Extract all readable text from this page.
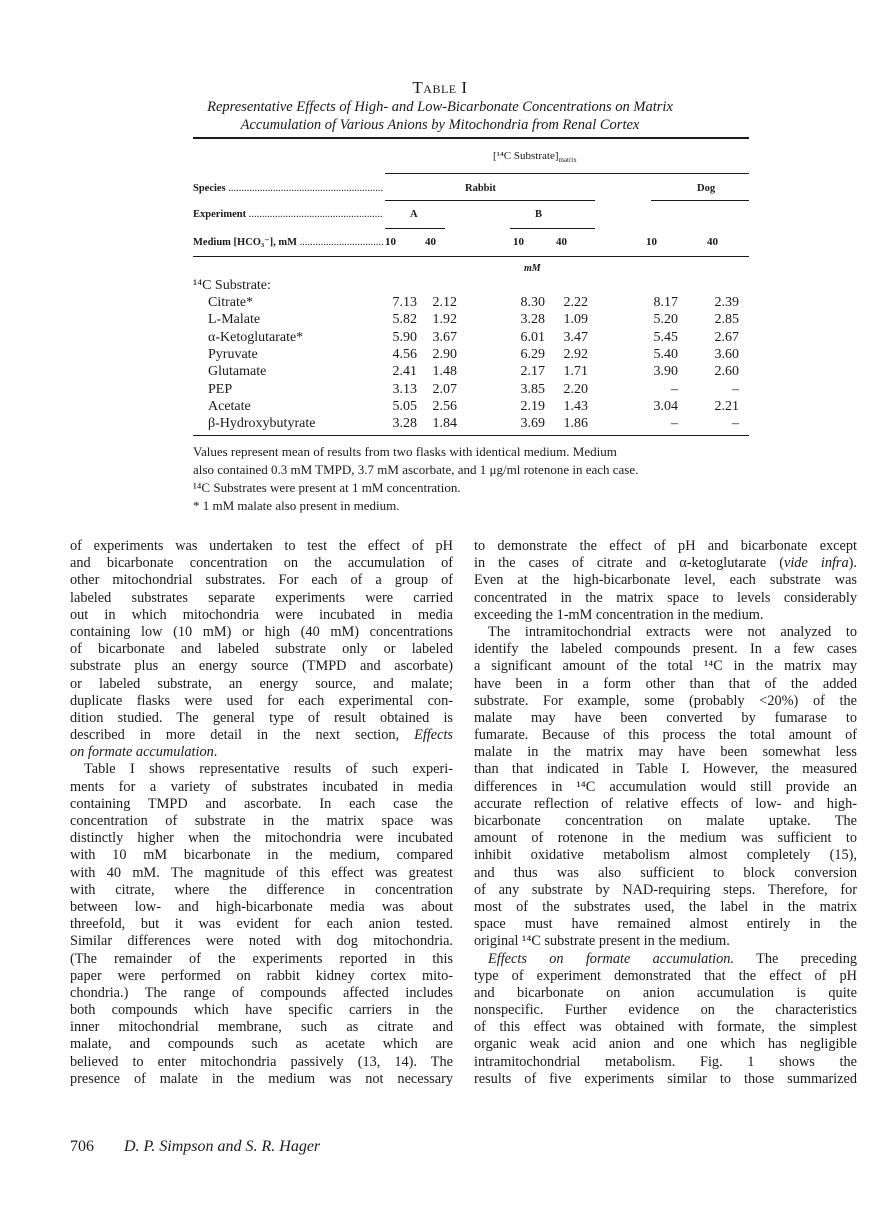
Table I
Representative Effects of High- and Low-Bicarbonate Concentrations on Matrix
Accumulation of Various Anions by Mitochondria from Renal Cortex
[¹⁴C $Substrate]_{matrix}$
Species .....	Rabbit	Dog
Experiment .....	A	B
Medium [HCO₃⁻], mM .....	10	40	10	40	10	40
mM
¹⁴C Substrate:
Citrate*	7.13	2.12	8.30	2.22	8.17	2.39
L-Malate	5.82	1.92	3.28	1.09	5.20	2.85
α-Ketoglutarate*	5.90	3.67	6.01	3.47	5.45	2.67
Pyruvate	4.56	2.90	6.29	2.92	5.40	3.60
Glutamate	2.41	1.48	2.17	1.71	3.90	2.60
PEP	3.13	2.07	3.85	2.20	–	–
Acetate	5.05	2.56	2.19	1.43	3.04	2.21
β-Hydroxybutyrate	3.28	1.84	3.69	1.86	–	–
Values represent mean of results from two flasks with identical medium. Medium
also contained 0.3 mM TMPD, 3.7 mM ascorbate, and 1 μg/ml rotenone in each case.
¹⁴C Substrates were present at 1 mM concentration.
* 1 mM malate also present in medium.
of experiments was undertaken to test the effect of pH
and bicarbonate concentration on the accumulation of
other mitochondrial substrates. For each of a group of
labeled substrates separate experiments were carried
out in which mitochondria were incubated in media
containing low (10 mM) or high (40 mM) concentrations
of bicarbonate and labeled substrate only or labeled
substrate plus an energy source (TMPD and ascorbate)
or labeled substrate, an energy source, and malate;
duplicate flasks were used for each experimental con-
dition studied. The general type of result obtained is
described in more detail in the next section, Effects
on formate accumulation.
Table I shows representative results of such experi-
ments for a variety of substrates incubated in media
containing TMPD and ascorbate. In each case the
concentration of substrate in the matrix space was
distinctly higher when the mitochondria were incubated
with 10 mM bicarbonate in the medium, compared
with 40 mM. The magnitude of this effect was greatest
with citrate, where the difference in concentration
between low- and high-bicarbonate media was about
threefold, but it was evident for each anion tested.
Similar differences were noted with dog mitochondria.
(The remainder of the experiments reported in this
paper were performed on rabbit kidney cortex mito-
chondria.) The range of compounds affected includes
both compounds which have specific carriers in the
inner mitochondrial membrane, such as citrate and
malate, and compounds such as acetate which are
believed to enter mitochondria passively (13, 14). The
presence of malate in the medium was not necessary
to demonstrate the effect of pH and bicarbonate except
in the cases of citrate and α-ketoglutarate (vide infra).
Even at the high-bicarbonate level, each substrate was
concentrated in the matrix space to levels considerably
exceeding the 1-mM concentration in the medium.
The intramitochondrial extracts were not analyzed to
identify the labeled compounds present. In a few cases
a significant amount of the total ¹⁴C in the matrix may
have been in a form other than that of the added
substrate. For example, some (probably <20%) of the
malate may have been converted by fumarase to
fumarate. Because of this process the total amount of
malate in the matrix may have been somewhat less
than that indicated in Table I. However, the measured
differences in ¹⁴C accumulation would still provide an
accurate reflection of relative effects of low- and high-
bicarbonate concentration on malate uptake. The
amount of rotenone in the medium was sufficient to
inhibit oxidative metabolism almost completely (15),
and thus was also sufficient to block conversion
of any substrate by NAD-requiring steps. Therefore, for
most of the substrates used, the label in the matrix
space must have remained almost entirely in the
original ¹⁴C substrate present in the medium.
Effects on formate accumulation. The preceding
type of experiment demonstrated that the effect of pH
and bicarbonate on anion accumulation is quite
nonspecific. Further evidence on the characteristics
of this effect was obtained with formate, the simplest
organic weak acid anion and one which has negligible
intramitochondrial metabolism. Fig. 1 shows the
results of five experiments similar to those summarized
706 D. P. Simpson and S. R. Hager
